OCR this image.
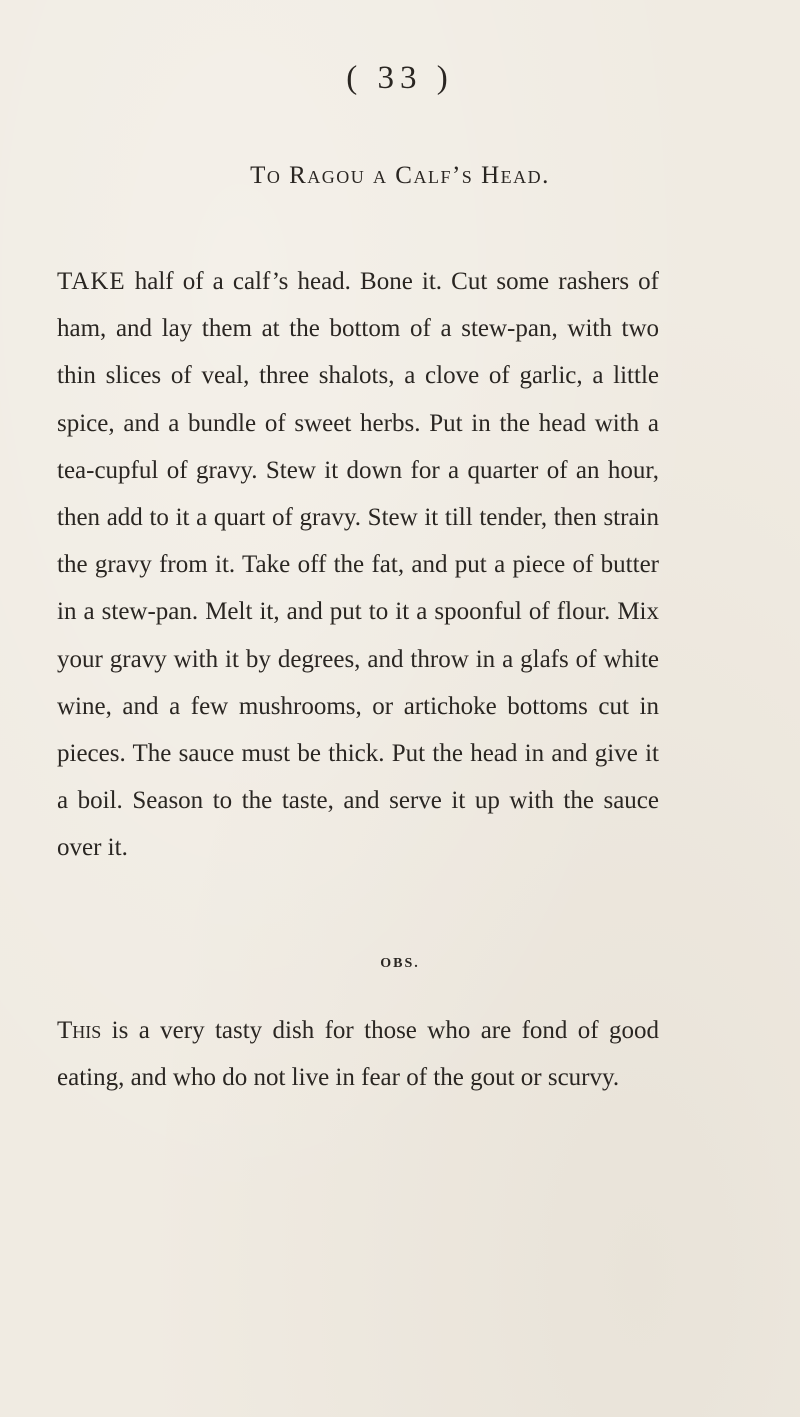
( 33 )
To Ragou a Calf’s Head.

TAKE half of a calf’s head. Bone it. Cut some rashers of ham, and lay them at the bottom of a stew-pan, with two thin slices of veal, three shalots, a clove of garlic, a little spice, and a bundle of sweet herbs. Put in the head with a tea-cupful of gravy. Stew it down for a quarter of an hour, then add to it a quart of gravy. Stew it till tender, then strain the gravy from it. Take off the fat, and put a piece of butter in a stew-pan. Melt it, and put to it a spoonful of flour. Mix your gravy with it by degrees, and throw in a glafs of white wine, and a few mushrooms, or artichoke bottoms cut in pieces. The sauce must be thick. Put the head in and give it a boil. Season to the taste, and serve it up with the sauce over it.

OBS.

This is a very tasty dish for those who are fond of good eating, and who do not live in fear of the gout or scurvy.
